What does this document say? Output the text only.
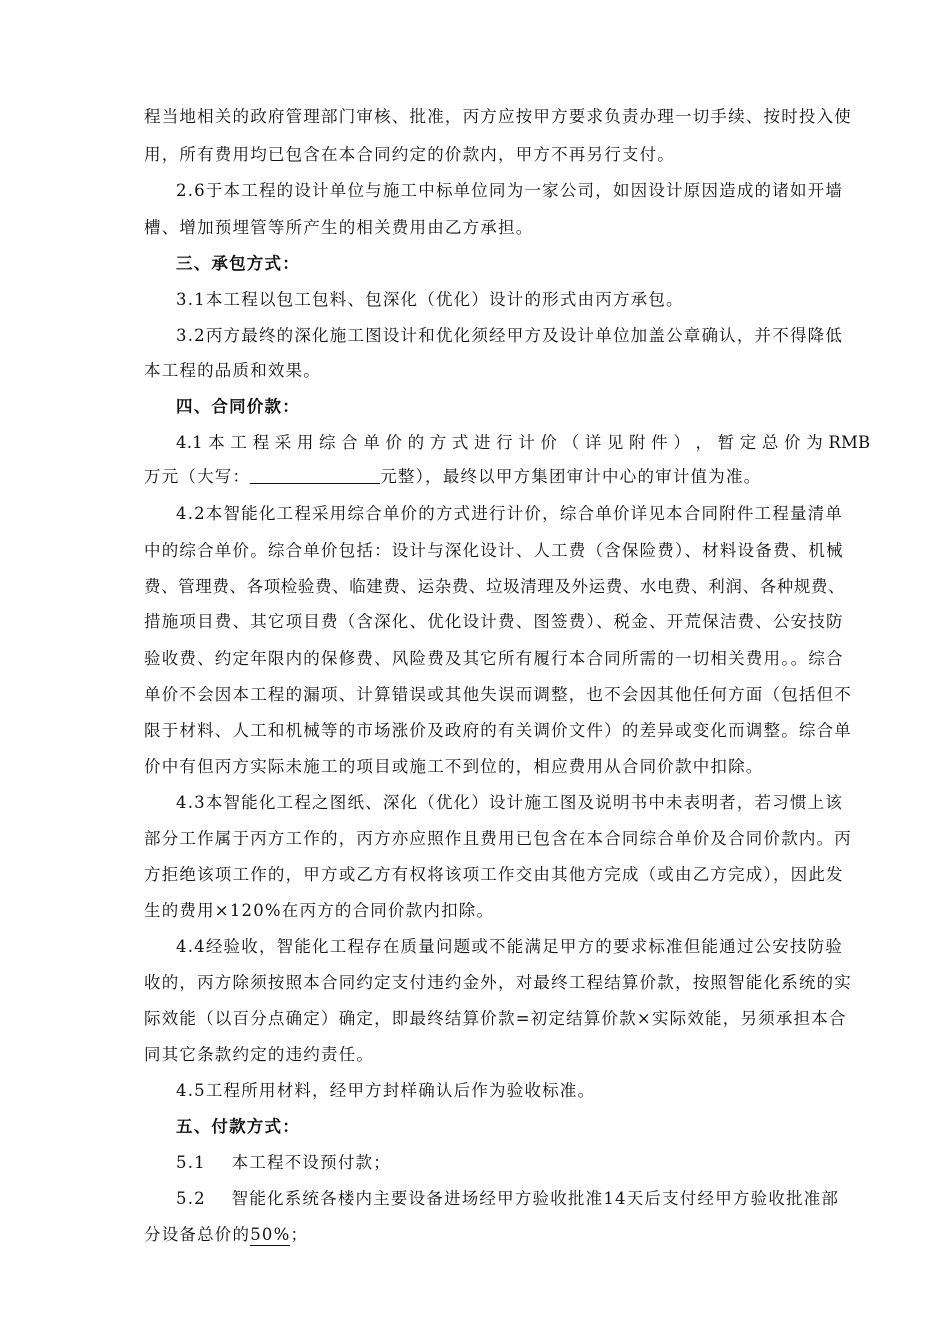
程当地相关的政府管理部门审核、批准，丙方应按甲方要求负责办理一切手续、按时投入使
用，所有费用均已包含在本合同约定的价款内，甲方不再另行支付。
2.6于本工程的设计单位与施工中标单位同为一家公司，如因设计原因造成的诸如开墙
槽、增加预埋管等所产生的相关费用由乙方承担。
三、承包方式：
3.1本工程以包工包料、包深化（优化）设计的形式由丙方承包。
3.2丙方最终的深化施工图设计和优化须经甲方及设计单位加盖公章确认，并不得降低
本工程的品质和效果。
四、合同价款：
4.1 本 工 程 采 用 综 合 单 价 的 方 式 进 行 计 价 （ 详 见 附 件 ） ， 暂 定 总 价 为 RMB
万元（大写：	元整），最终以甲方集团审计中心的审计值为准。
4.2本智能化工程采用综合单价的方式进行计价，综合单价详见本合同附件工程量清单
中的综合单价。综合单价包括：设计与深化设计、人工费（含保险费）、材料设备费、机械
费、管理费、各项检验费、临建费、运杂费、垃圾清理及外运费、水电费、利润、各种规费、
措施项目费、其它项目费（含深化、优化设计费、图签费）、税金、开荒保洁费、公安技防
验收费、约定年限内的保修费、风险费及其它所有履行本合同所需的一切相关费用。。综合
单价不会因本工程的漏项、计算错误或其他失误而调整，也不会因其他任何方面（包括但不
限于材料、人工和机械等的市场涨价及政府的有关调价文件）的差异或变化而调整。综合单
价中有但丙方实际未施工的项目或施工不到位的，相应费用从合同价款中扣除。
4.3本智能化工程之图纸、深化（优化）设计施工图及说明书中未表明者，若习惯上该
部分工作属于丙方工作的，丙方亦应照作且费用已包含在本合同综合单价及合同价款内。丙
方拒绝该项工作的，甲方或乙方有权将该项工作交由其他方完成（或由乙方完成），因此发
生的费用×120%在丙方的合同价款内扣除。
4.4经验收，智能化工程存在质量问题或不能满足甲方的要求标准但能通过公安技防验
收的，丙方除须按照本合同约定支付违约金外，对最终工程结算价款，按照智能化系统的实
际效能（以百分点确定）确定，即最终结算价款=初定结算价款×实际效能，另须承担本合
同其它条款约定的违约责任。
4.5工程所用材料，经甲方封样确认后作为验收标准。
五、付款方式：
5.1    本工程不设预付款；
5.2    智能化系统各楼内主要设备进场经甲方验收批准14天后支付经甲方验收批准部
分设备总价的50%；
